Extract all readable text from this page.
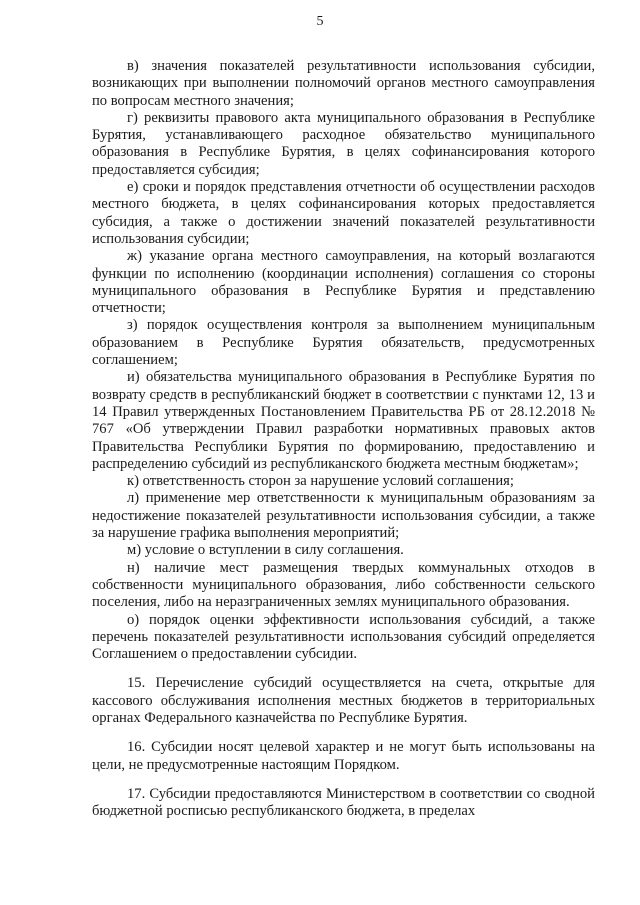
5

в) значения показателей результативности использования субсидии, возникающих при выполнении полномочий органов местного самоуправления по вопросам местного значения;

г) реквизиты правового акта муниципального образования в Республике Бурятия, устанавливающего расходное обязательство муниципального образования в Республике Бурятия, в целях софинансирования которого предоставляется субсидия;

е) сроки и порядок представления отчетности об осуществлении расходов местного бюджета, в целях софинансирования которых предоставляется субсидия, а также о достижении значений показателей результативности использования субсидии;

ж) указание органа местного самоуправления, на который возлагаются функции по исполнению (координации исполнения) соглашения со стороны муниципального образования в Республике Бурятия и представлению отчетности;

з) порядок осуществления контроля за выполнением муниципальным образованием в Республике Бурятия обязательств, предусмотренных соглашением;

и) обязательства муниципального образования в Республике Бурятия по возврату средств в республиканский бюджет в соответствии с пунктами 12, 13 и 14 Правил утвержденных Постановлением Правительства РБ от 28.12.2018 № 767 «Об утверждении Правил разработки нормативных правовых актов Правительства Республики Бурятия по формированию, предоставлению и распределению субсидий из республиканского бюджета местным бюджетам»;

к) ответственность сторон за нарушение условий соглашения;

л) применение мер ответственности к муниципальным образованиям за недостижение показателей результативности использования субсидии, а также за нарушение графика выполнения мероприятий;

м) условие о вступлении в силу соглашения.

н) наличие мест размещения твердых коммунальных отходов в собственности муниципального образования, либо собственности сельского поселения, либо на неразграниченных землях муниципального образования.

о) порядок оценки эффективности использования субсидий, а также перечень показателей результативности использования субсидий определяется Соглашением о предоставлении субсидии.

15. Перечисление субсидий осуществляется на счета, открытые для кассового обслуживания исполнения местных бюджетов в территориальных органах Федерального казначейства по Республике Бурятия.

16. Субсидии носят целевой характер и не могут быть использованы на цели, не предусмотренные настоящим Порядком.

17. Субсидии предоставляются Министерством в соответствии со сводной бюджетной росписью республиканского бюджета, в пределах
